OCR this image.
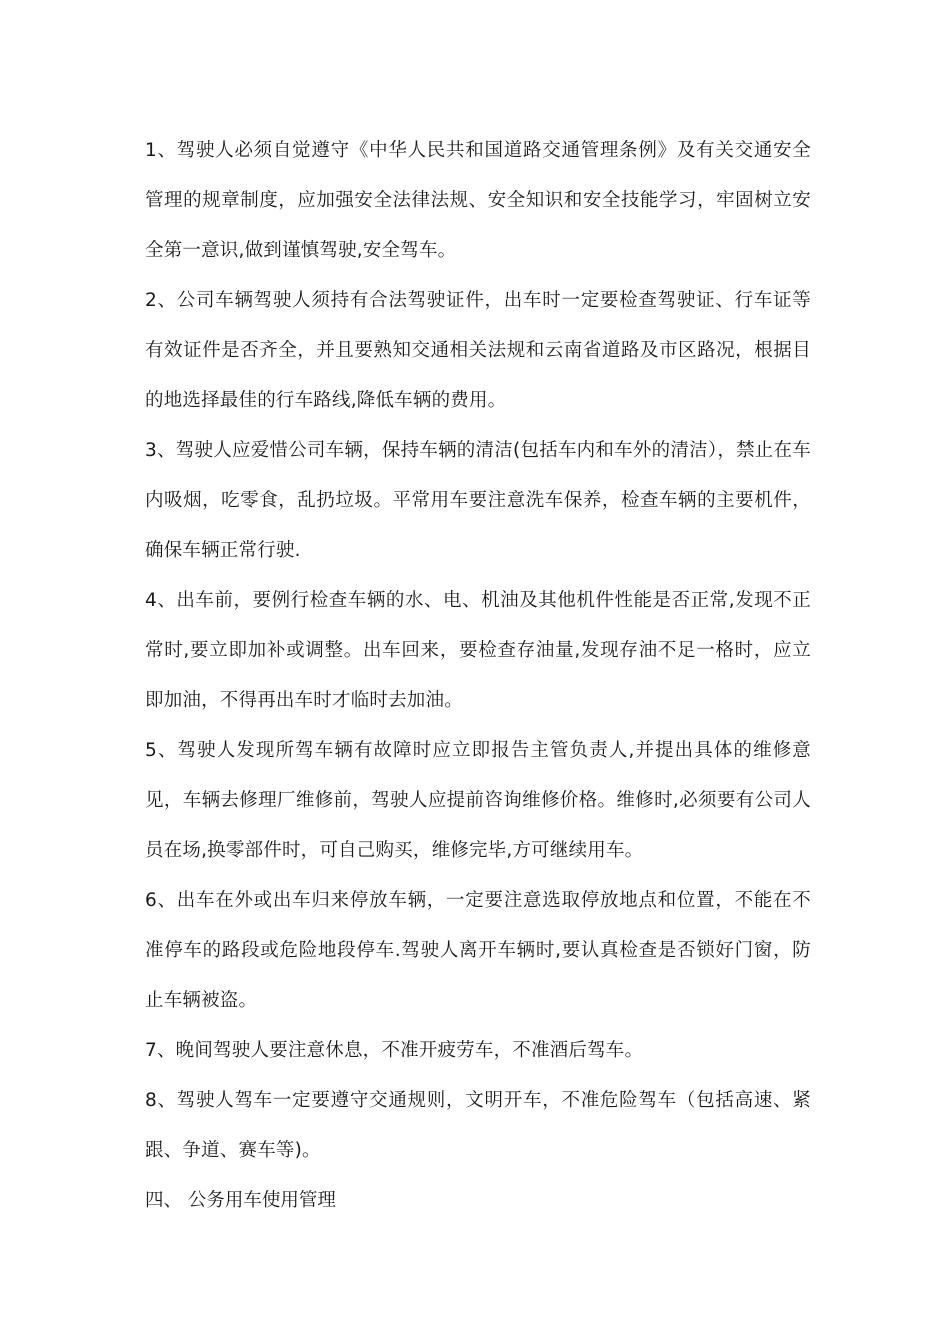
1、驾驶人必须自觉遵守《中华人民共和国道路交通管理条例》及有关交通安全管理的规章制度，应加强安全法律法规、安全知识和安全技能学习，牢固树立安全第一意识,做到谨慎驾驶,安全驾车。

2、公司车辆驾驶人须持有合法驾驶证件，出车时一定要检查驾驶证、行车证等有效证件是否齐全，并且要熟知交通相关法规和云南省道路及市区路况，根据目的地选择最佳的行车路线,降低车辆的费用。

3、驾驶人应爱惜公司车辆，保持车辆的清洁(包括车内和车外的清洁），禁止在车内吸烟，吃零食，乱扔垃圾。平常用车要注意洗车保养，检查车辆的主要机件，确保车辆正常行驶.

4、出车前，要例行检查车辆的水、电、机油及其他机件性能是否正常,发现不正常时,要立即加补或调整。出车回来，要检查存油量,发现存油不足一格时，应立即加油，不得再出车时才临时去加油。

5、驾驶人发现所驾车辆有故障时应立即报告主管负责人,并提出具体的维修意见，车辆去修理厂维修前，驾驶人应提前咨询维修价格。维修时,必须要有公司人员在场,换零部件时，可自己购买，维修完毕,方可继续用车。

6、出车在外或出车归来停放车辆，一定要注意选取停放地点和位置，不能在不准停车的路段或危险地段停车.驾驶人离开车辆时,要认真检查是否锁好门窗，防止车辆被盗。

7、晚间驾驶人要注意休息，不准开疲劳车，不准酒后驾车。

8、驾驶人驾车一定要遵守交通规则，文明开车，不准危险驾车（包括高速、紧跟、争道、赛车等)。

四、 公务用车使用管理
